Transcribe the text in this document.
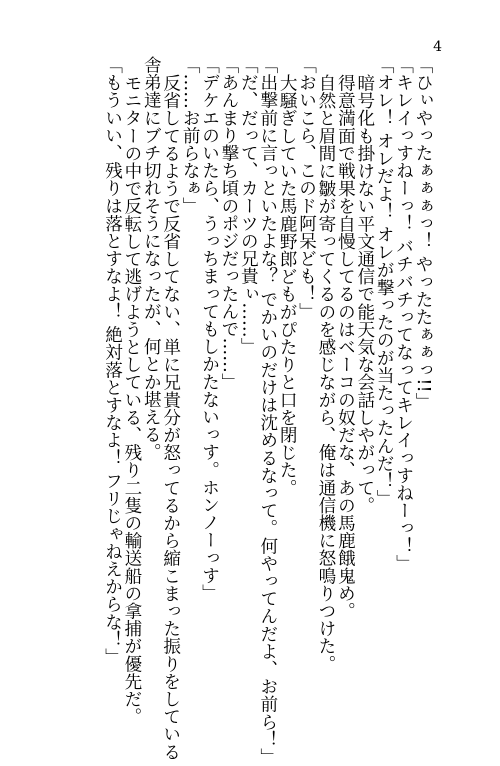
4
「ひぃやったぁぁぁっ！ やったたぁぁっ!!」
「キレイっすねーっ！ バチバチってなってキレイっすねーっ！」
「オレ！ オレだよ！ オレが撃ったのが当たったんだ！」
暗号化も掛けない平文通信で能天気な会話しやがって。
得意満面で戦果を自慢してるのはベーコの奴だな、あの馬鹿餓鬼め。
自然と眉間に皺が寄ってくるのを感じながら、俺は通信機に怒鳴りつけた。
「おいこら、このド阿呆ども！」
大騒ぎしていた馬鹿野郎どもがぴたりと口を閉じた。
「出撃前に言っといたよな？ でかいのだけは沈めるなって。何やってんだよ、お前ら！」
「だ、だって、カーツの兄貴ぃ……」
「あんまり撃ち頃のポジだったんで……」
「デケエのいたら、うっちまってもしかたないっす。ホンノーっす」
「……お前らなぁ」
反省してるようで反省してない、単に兄貴分が怒ってるから縮こまった振りをしている
舎弟達にブチ切れそうになったが、何とか堪える。
モニターの中で反転して逃げようとしている、残り二隻の輸送船の拿捕が優先だ。
「もういい、残りは落とすなよ！ 絶対落とすなよ！ フリじゃねえからな！」
